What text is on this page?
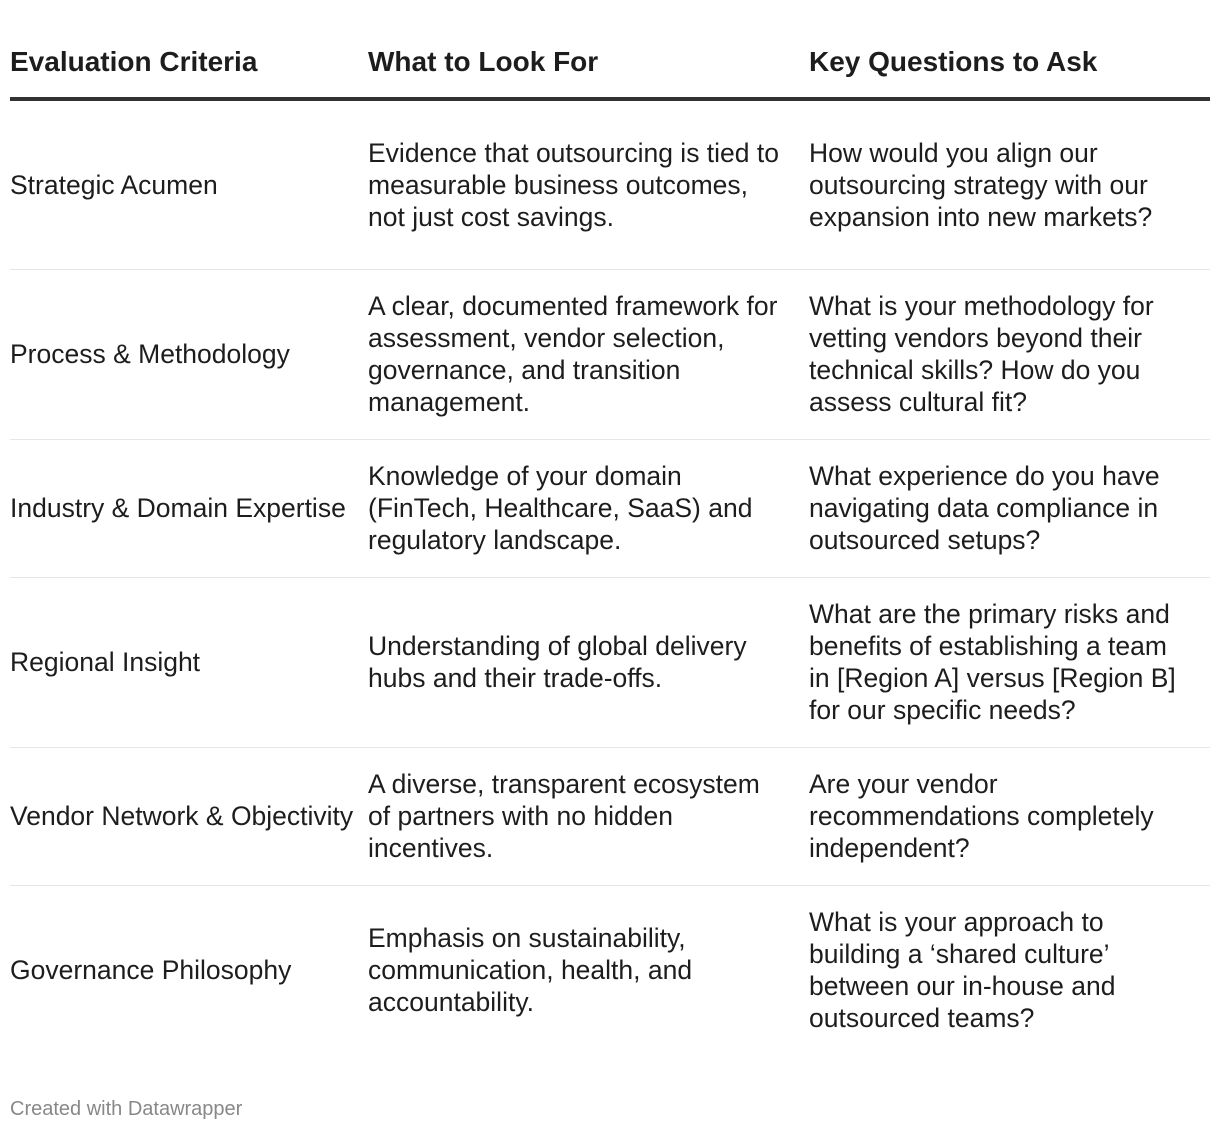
Evaluation Criteria	What to Look For	Key Questions to Ask
Strategic Acumen	Evidence that outsourcing is tied to measurable business outcomes, not just cost savings.	How would you align our outsourcing strategy with our expansion into new markets?
Process & Methodology	A clear, documented framework for assessment, vendor selection, governance, and transition management.	What is your methodology for vetting vendors beyond their technical skills? How do you assess cultural fit?
Industry & Domain Expertise	Knowledge of your domain (FinTech, Healthcare, SaaS) and regulatory landscape.	What experience do you have navigating data compliance in outsourced setups?
Regional Insight	Understanding of global delivery hubs and their trade-offs.	What are the primary risks and benefits of establishing a team in [Region A] versus [Region B] for our specific needs?
Vendor Network & Objectivity	A diverse, transparent ecosystem of partners with no hidden incentives.	Are your vendor recommendations completely independent?
Governance Philosophy	Emphasis on sustainability, communication, health, and accountability.	What is your approach to building a ‘shared culture’ between our in-house and outsourced teams?
Created with Datawrapper
